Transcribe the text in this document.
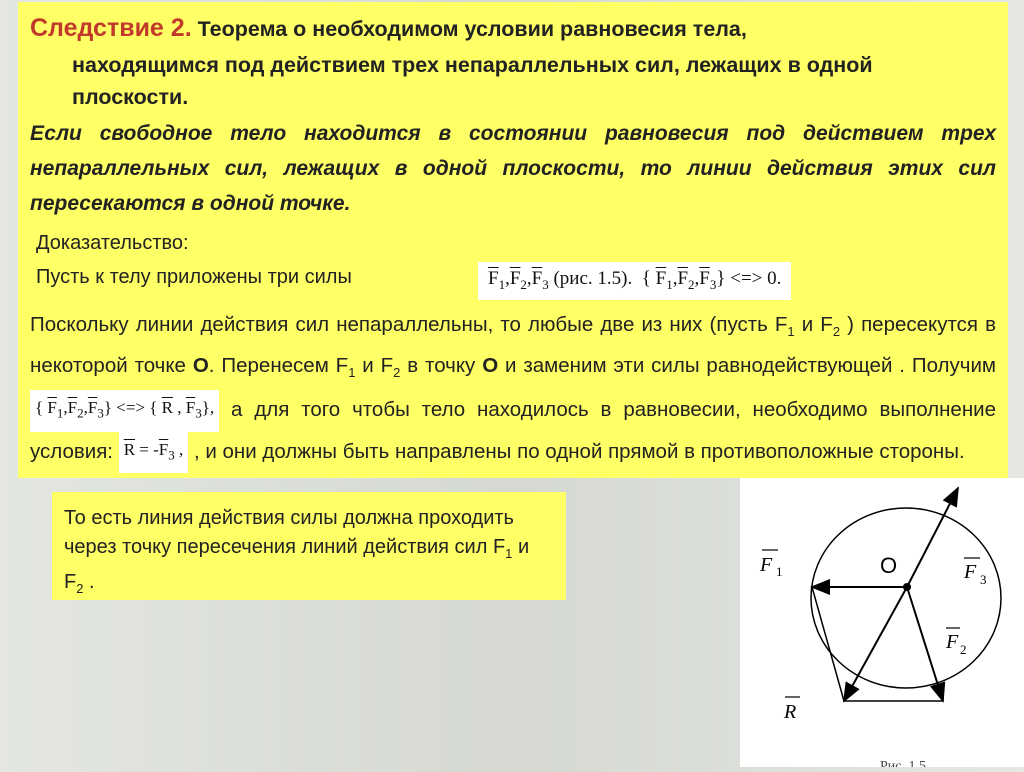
Следствие 2. Теорема о необходимом условии равновесия тела,

находящимся под действием трех непараллельных сил, лежащих в одной

плоскости.

Если свободное тело находится в состоянии равновесия под действием трех непараллельных сил, лежащих в одной плоскости, то линии действия этих сил пересекаются в одной точке.

Доказательство:
Пусть к телу приложены три силы	$\overline{F}_1,\overline{F}_2,\overline{F}_3$ (рис. 1.5).  { $\overline{F}_1,\overline{F}_2,\overline{F}_3$} <=> 0.

Поскольку линии действия сил непараллельны, то любые две из них (пусть $F_1$ и $F_2$ ) пересекутся в некоторой точке O. Перенесем $F_1$ и $F_2$ в точку O и заменим эти силы равнодействующей . Получим { $\overline{F}_1,\overline{F}_2,\overline{F}_3$} <=> { $\overline{R}$ , $\overline{F}_3$}, а для того чтобы тело находилось в равновесии, необходимо выполнение условия: $\overline{R} = -\overline{F}_3$ , , и они должны быть направлены по одной прямой в противоположные стороны.

То есть линия действия силы должна проходить через точку пересечения линий действия сил $F_1$ и $F_2$ .
O
F 1	F 3
F 2
R
Рис. 1.5
